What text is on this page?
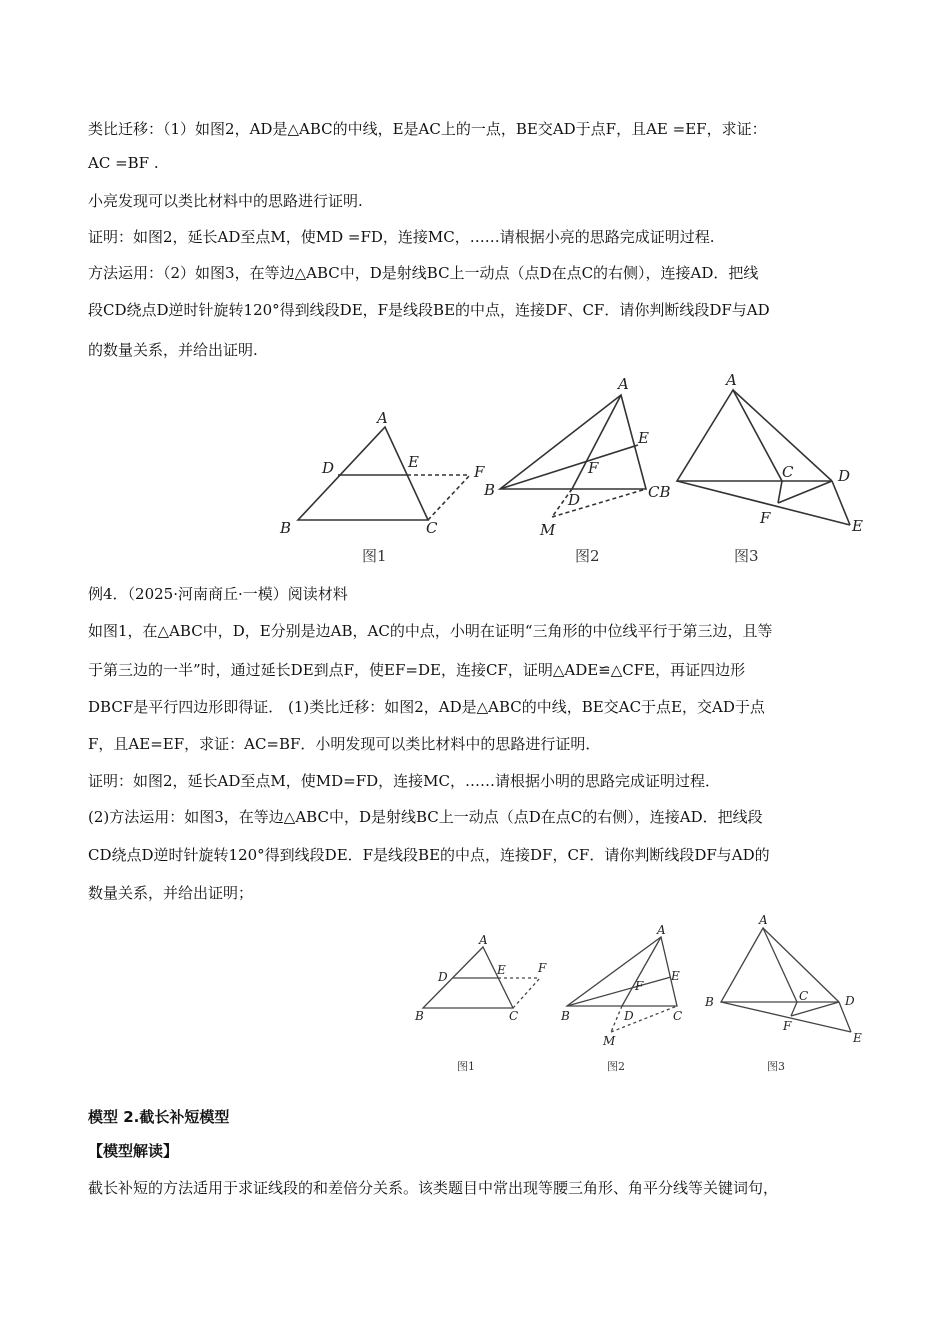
类比迁移：（1）如图2，AD是△ABC的中线，E是AC上的一点，BE交AD于点F，且AE =EF，求证：
AC =BF .
小亮发现可以类比材料中的思路进行证明.
证明：如图2，延长AD至点M，使MD =FD，连接MC，……请根据小亮的思路完成证明过程.
方法运用：（2）如图3，在等边△ABC中，D是射线BC上一动点（点D在点C的右侧），连接AD．把线
段CD绕点D逆时针旋转120°得到线段DE，F是线段BE的中点，连接DF、CF．请你判断线段DF与AD
的数量关系，并给出证明.
A
D	E
F
B	C
图1
A
E
F
B
D	CB
M
图2
A
C	D
F	E
图3
例4．（2025·河南商丘·一模）阅读材料
如图1，在△ABC中，D，E分别是边AB，AC的中点，小明在证明“三角形的中位线平行于第三边，且等
于第三边的一半”时，通过延长DE到点F，使EF=DE，连接CF，证明△ADE≌△CFE，再证四边形
DBCF是平行四边形即得证． (1)类比迁移：如图2，AD是△ABC的中线，BE交AC于点E，交AD于点
F，且AE=EF，求证：AC=BF．小明发现可以类比材料中的思路进行证明．
证明：如图2，延长AD至点M，使MD=FD，连接MC，……请根据小明的思路完成证明过程．
(2)方法运用：如图3，在等边△ABC中，D是射线BC上一动点（点D在点C的右侧），连接AD．把线段
CD绕点D逆时针旋转120°得到线段DE．F是线段BE的中点，连接DF，CF．请你判断线段DF与AD的
数量关系，并给出证明；
A
D	E	F
B	C
图1
A
E
F
B	D	C
M
图2
A
B	C	D
F
E
图3
模型 2.截长补短模型
【模型解读】
截长补短的方法适用于求证线段的和差倍分关系。该类题目中常出现等腰三角形、角平分线等关键词句，
